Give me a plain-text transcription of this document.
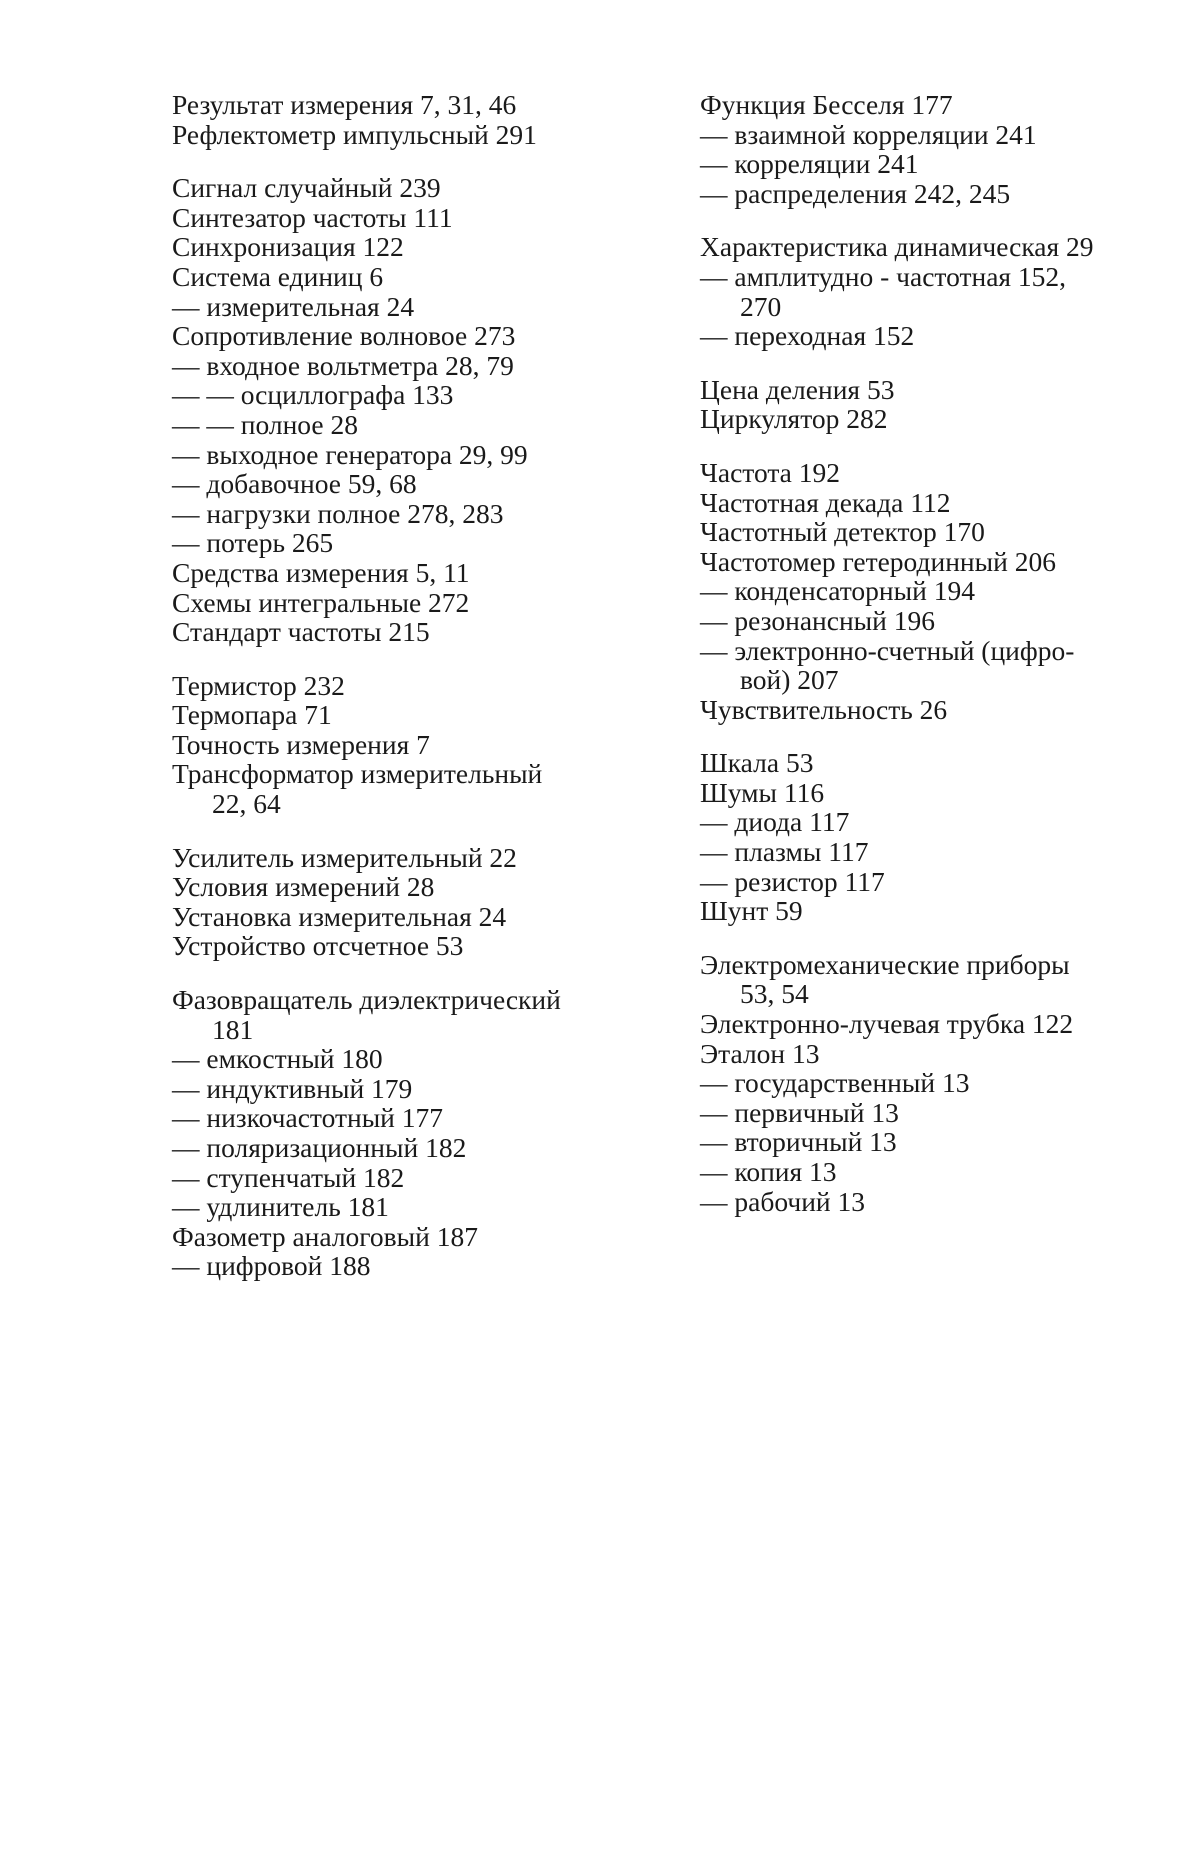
Результат измерения 7, 31, 46
Рефлектометр импульсный 291
Сигнал случайный 239
Синтезатор частоты 111
Синхронизация 122
Система единиц 6
— измерительная 24
Сопротивление волновое 273
— входное вольтметра 28, 79
— — осциллографа 133
— — полное 28
— выходное генератора 29, 99
— добавочное 59, 68
— нагрузки полное 278, 283
— потерь 265
Средства измерения 5, 11
Схемы интегральные 272
Стандарт частоты 215
Термистор 232
Термопара 71
Точность измерения 7
Трансформатор измерительный
22, 64
Усилитель измерительный 22
Условия измерений 28
Установка измерительная 24
Устройство отсчетное 53
Фазовращатель диэлектрический
181
— емкостный 180
— индуктивный 179
— низкочастотный 177
— поляризационный 182
— ступенчатый 182
— удлинитель 181
Фазометр аналоговый 187
— цифровой 188
Функция Бесселя 177
— взаимной корреляции 241
— корреляции 241
— распределения 242, 245
Характеристика динамическая 29
— амплитудно - частотная 152,
270
— переходная 152
Цена деления 53
Циркулятор 282
Частота 192
Частотная декада 112
Частотный детектор 170
Частотомер гетеродинный 206
— конденсаторный 194
— резонансный 196
— электронно-счетный (цифро-
вой) 207
Чувствительность 26
Шкала 53
Шумы 116
— диода 117
— плазмы 117
— резистор 117
Шунт 59
Электромеханические приборы
53, 54
Электронно-лучевая трубка 122
Эталон 13
— государственный 13
— первичный 13
— вторичный 13
— копия 13
— рабочий 13
